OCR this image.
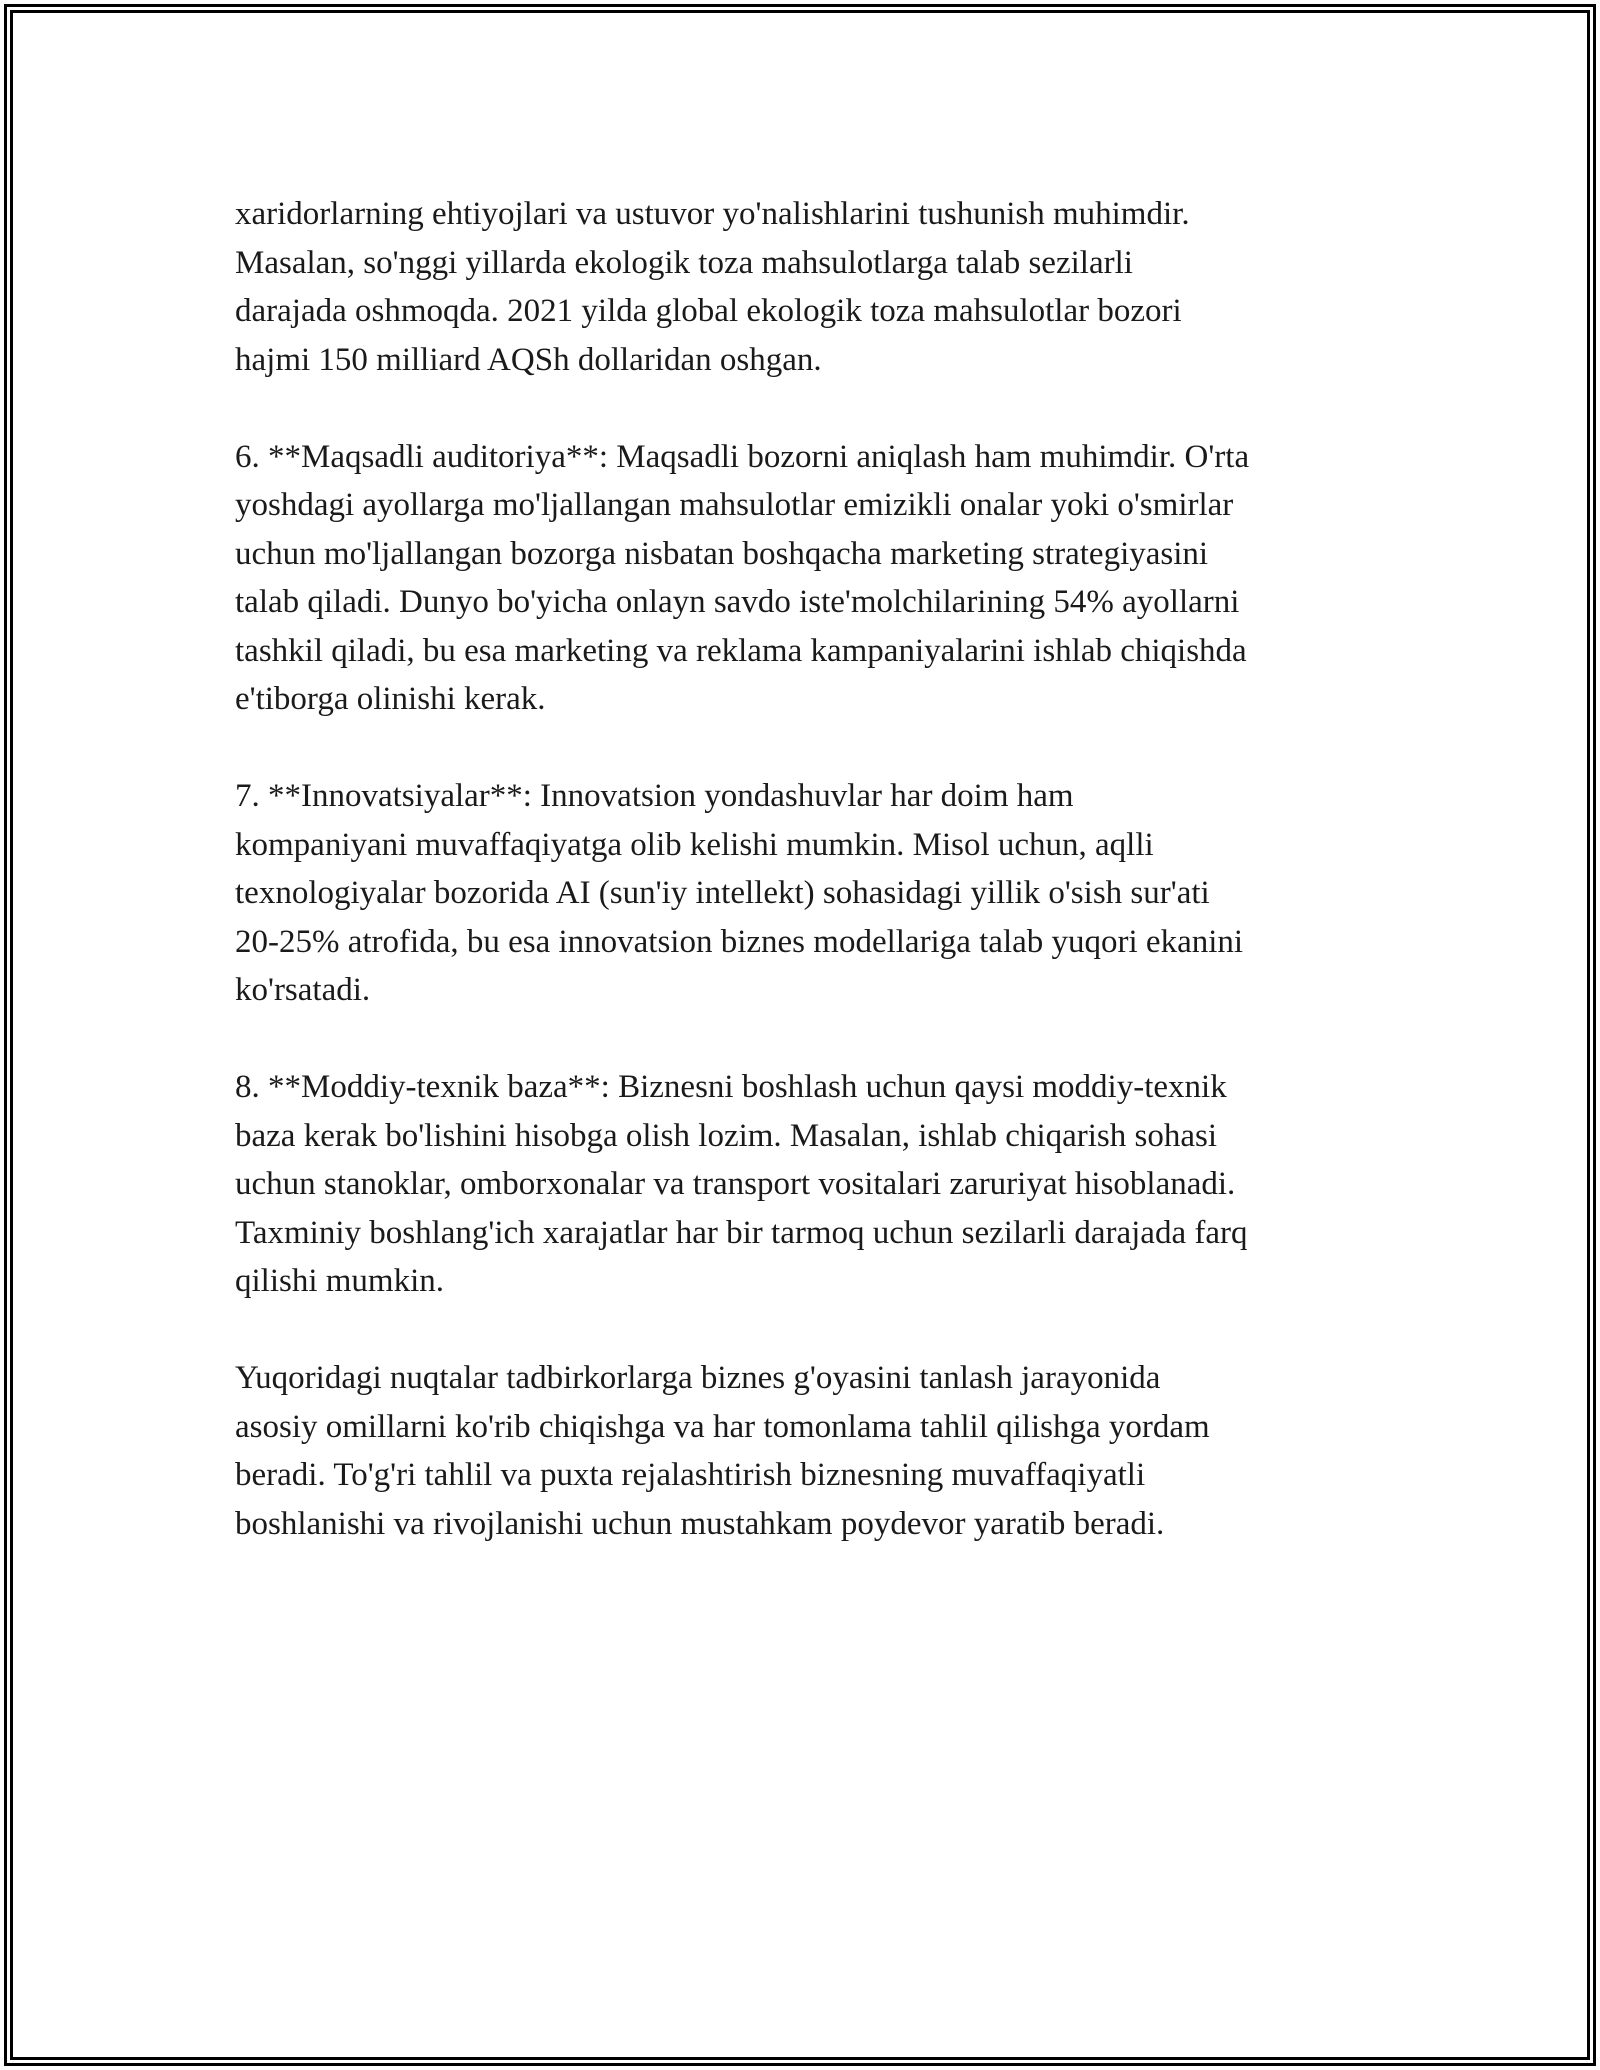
xaridorlarning ehtiyojlari va ustuvor yo'nalishlarini tushunish muhimdir.
Masalan, so'nggi yillarda ekologik toza mahsulotlarga talab sezilarli
darajada oshmoqda. 2021 yilda global ekologik toza mahsulotlar bozori
hajmi 150 milliard AQSh dollaridan oshgan.

6. **Maqsadli auditoriya**: Maqsadli bozorni aniqlash ham muhimdir. O'rta
yoshdagi ayollarga mo'ljallangan mahsulotlar emizikli onalar yoki o'smirlar
uchun mo'ljallangan bozorga nisbatan boshqacha marketing strategiyasini
talab qiladi. Dunyo bo'yicha onlayn savdo iste'molchilarining 54% ayollarni
tashkil qiladi, bu esa marketing va reklama kampaniyalarini ishlab chiqishda
e'tiborga olinishi kerak.

7. **Innovatsiyalar**: Innovatsion yondashuvlar har doim ham
kompaniyani muvaffaqiyatga olib kelishi mumkin. Misol uchun, aqlli
texnologiyalar bozorida AI (sun'iy intellekt) sohasidagi yillik o'sish sur'ati
20-25% atrofida, bu esa innovatsion biznes modellariga talab yuqori ekanini
ko'rsatadi.

8. **Moddiy-texnik baza**: Biznesni boshlash uchun qaysi moddiy-texnik
baza kerak bo'lishini hisobga olish lozim. Masalan, ishlab chiqarish sohasi
uchun stanoklar, omborxonalar va transport vositalari zaruriyat hisoblanadi.
Taxminiy boshlang'ich xarajatlar har bir tarmoq uchun sezilarli darajada farq
qilishi mumkin.

Yuqoridagi nuqtalar tadbirkorlarga biznes g'oyasini tanlash jarayonida
asosiy omillarni ko'rib chiqishga va har tomonlama tahlil qilishga yordam
beradi. To'g'ri tahlil va puxta rejalashtirish biznesning muvaffaqiyatli
boshlanishi va rivojlanishi uchun mustahkam poydevor yaratib beradi.
